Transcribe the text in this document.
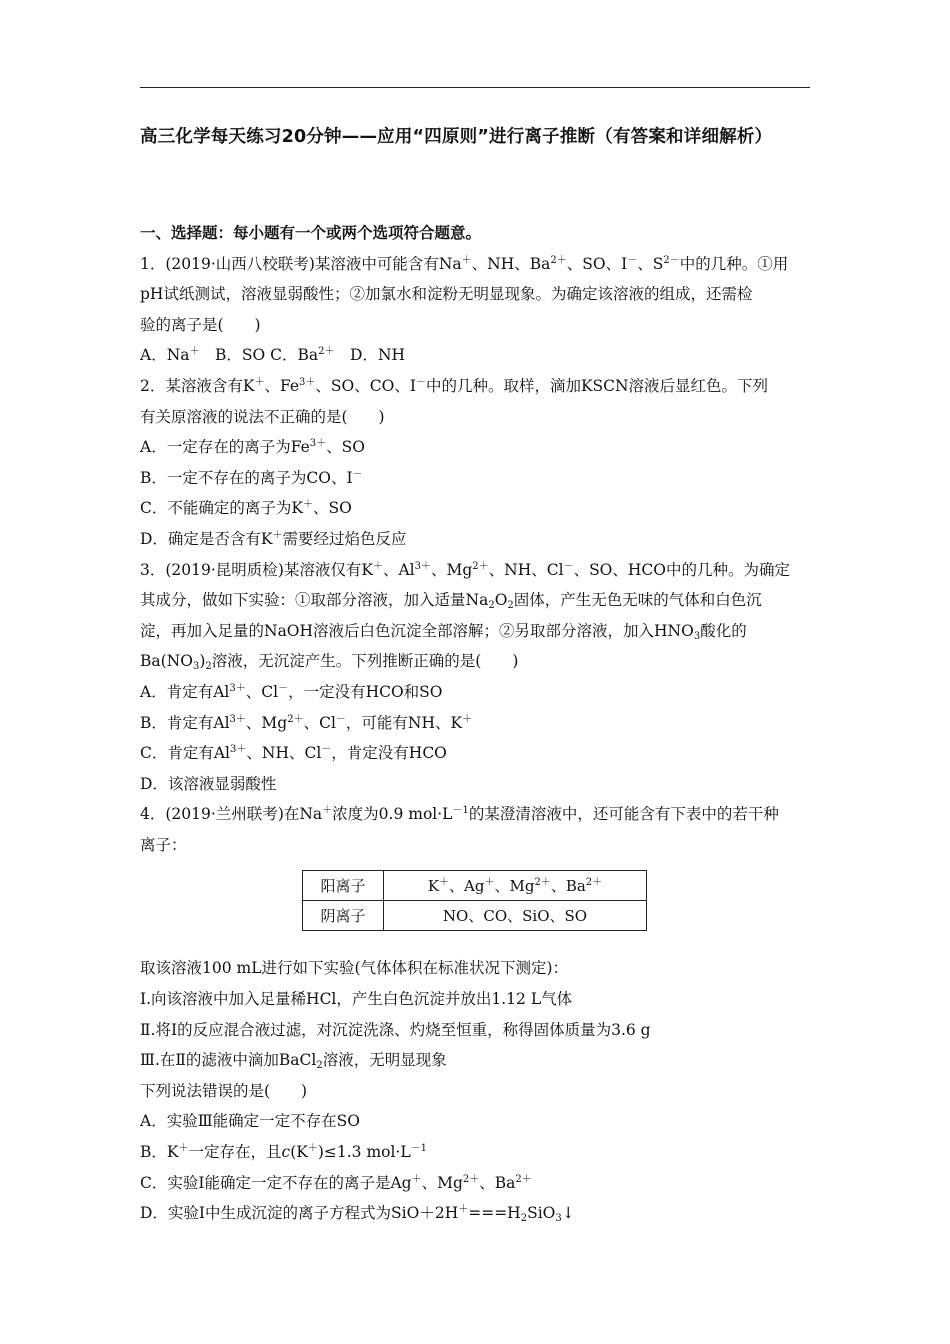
高三化学每天练习20分钟——应用“四原则”进行离子推断（有答案和详细解析）
一、选择题：每小题有一个或两个选项符合题意。
1．(2019·山西八校联考)某溶液中可能含有Na＋、NH、$Ba^{2+}$、SO、I－、$S^{2-}$中的几种。①用
pH试纸测试，溶液显弱酸性；②加氯水和淀粉无明显现象。为确定该溶液的组成，还需检
验的离子是(　　)
A．Na＋　B．SO C．$Ba^{2+}$　D．NH
2．某溶液含有K＋、$Fe^{3+}$、SO、CO、I－中的几种。取样，滴加KSCN溶液后显红色。下列
有关原溶液的说法不正确的是(　　)
A．一定存在的离子为$Fe^{3+}$、SO
B．一定不存在的离子为CO、I－
C．不能确定的离子为K＋、SO
D．确定是否含有K＋需要经过焰色反应
3．(2019·昆明质检)某溶液仅有K＋、$Al^{3+}$、$Mg^{2+}$、NH、Cl－、SO、HCO中的几种。为确定
其成分，做如下实验：①取部分溶液，加入适量$Na_2O_2$固体，产生无色无味的气体和白色沉
淀，再加入足量的NaOH溶液后白色沉淀全部溶解；②另取部分溶液，加入$HNO_3$酸化的
$Ba(NO_3)_2$溶液，无沉淀产生。下列推断正确的是(　　)
A．肯定有$Al^{3+}$、Cl－，一定没有HCO和SO
B．肯定有$Al^{3+}$、$Mg^{2+}$、Cl－，可能有NH、K＋
C．肯定有$Al^{3+}$、NH、Cl－，肯定没有HCO
D．该溶液显弱酸性
4．(2019·兰州联考)在Na＋浓度为0.9 $mol\cdot L^{-1}$的某澄清溶液中，还可能含有下表中的若干种
离子：
阳离子	K＋、Ag＋、$Mg^{2+}$、$Ba^{2+}$
阴离子	NO、CO、SiO、SO
取该溶液100 mL进行如下实验(气体体积在标准状况下测定)：
Ⅰ.向该溶液中加入足量稀HCl，产生白色沉淀并放出1.12 L气体
Ⅱ.将Ⅰ的反应混合液过滤，对沉淀洗涤、灼烧至恒重，称得固体质量为3.6 g
Ⅲ.在Ⅱ的滤液中滴加BaCl$_2$溶液，无明显现象
下列说法错误的是(　　)
A．实验Ⅲ能确定一定不存在SO
B．K＋一定存在，且c(K＋)≤1.3 $mol\cdot L^{-1}$
C．实验Ⅰ能确定一定不存在的离子是Ag＋、$Mg^{2+}$、$Ba^{2+}$
D．实验Ⅰ中生成沉淀的离子方程式为$SiO+2H^+===H_2SiO_3↓$
